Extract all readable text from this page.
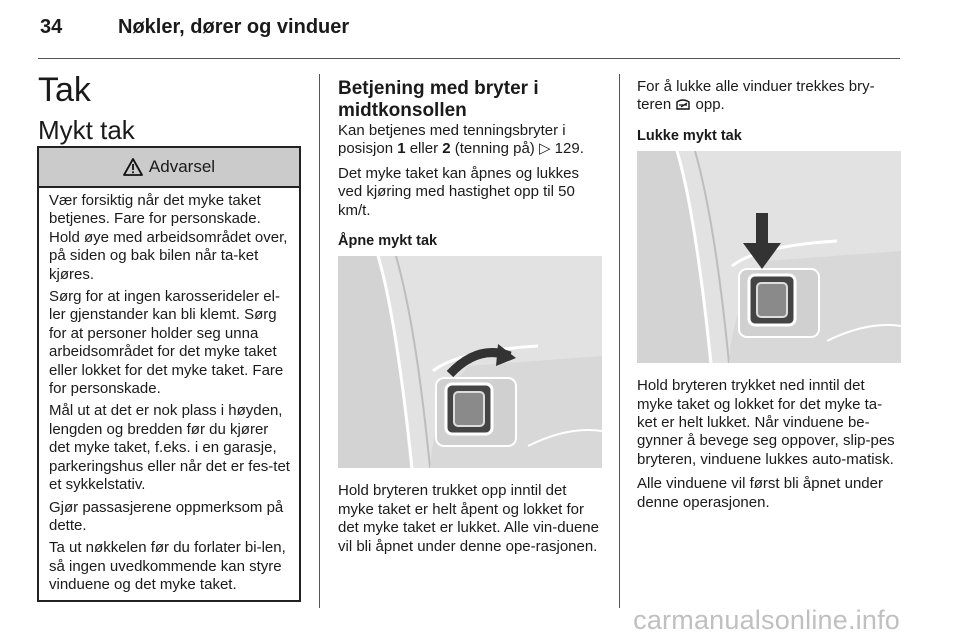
34	Nøkler, dører og vinduer
Tak
Mykt tak
Advarsel

Vær forsiktig når det myke taket betjenes. Fare for personskade. Hold øye med arbeidsområdet over, på siden og bak bilen når ta-ket kjøres.

Sørg for at ingen karosserideler el-ler gjenstander kan bli klemt. Sørg for at personer holder seg unna arbeidsområdet for det myke taket eller lokket for det myke taket. Fare for personskade.

Mål ut at det er nok plass i høyden, lengden og bredden før du kjører det myke taket, f.eks. i en garasje, parkeringshus eller når det er fes-tet et sykkelstativ.

Gjør passasjerene oppmerksom på dette.

Ta ut nøkkelen før du forlater bi-len, så ingen uvedkommende kan styre vinduene og det myke taket.

Betjening med bryter i midtkonsollen

Kan betjenes med tenningsbryter i posisjon 1 eller 2 (tenning på) ▷ 129.

Det myke taket kan åpnes og lukkes ved kjøring med hastighet opp til 50 km/t.

Åpne mykt tak

Hold bryteren trukket opp inntil det myke taket er helt åpent og lokket for det myke taket er lukket. Alle vin-duene vil bli åpnet under denne ope-rasjonen.

For å lukke alle vinduer trekkes bry-teren  opp.

Lukke mykt tak

Hold bryteren trykket ned inntil det myke taket og lokket for det myke ta-ket er helt lukket. Når vinduene be-gynner å bevege seg oppover, slip-pes bryteren, vinduene lukkes auto-matisk.

Alle vinduene vil først bli åpnet under denne operasjonen.

carmanualsonline.info
